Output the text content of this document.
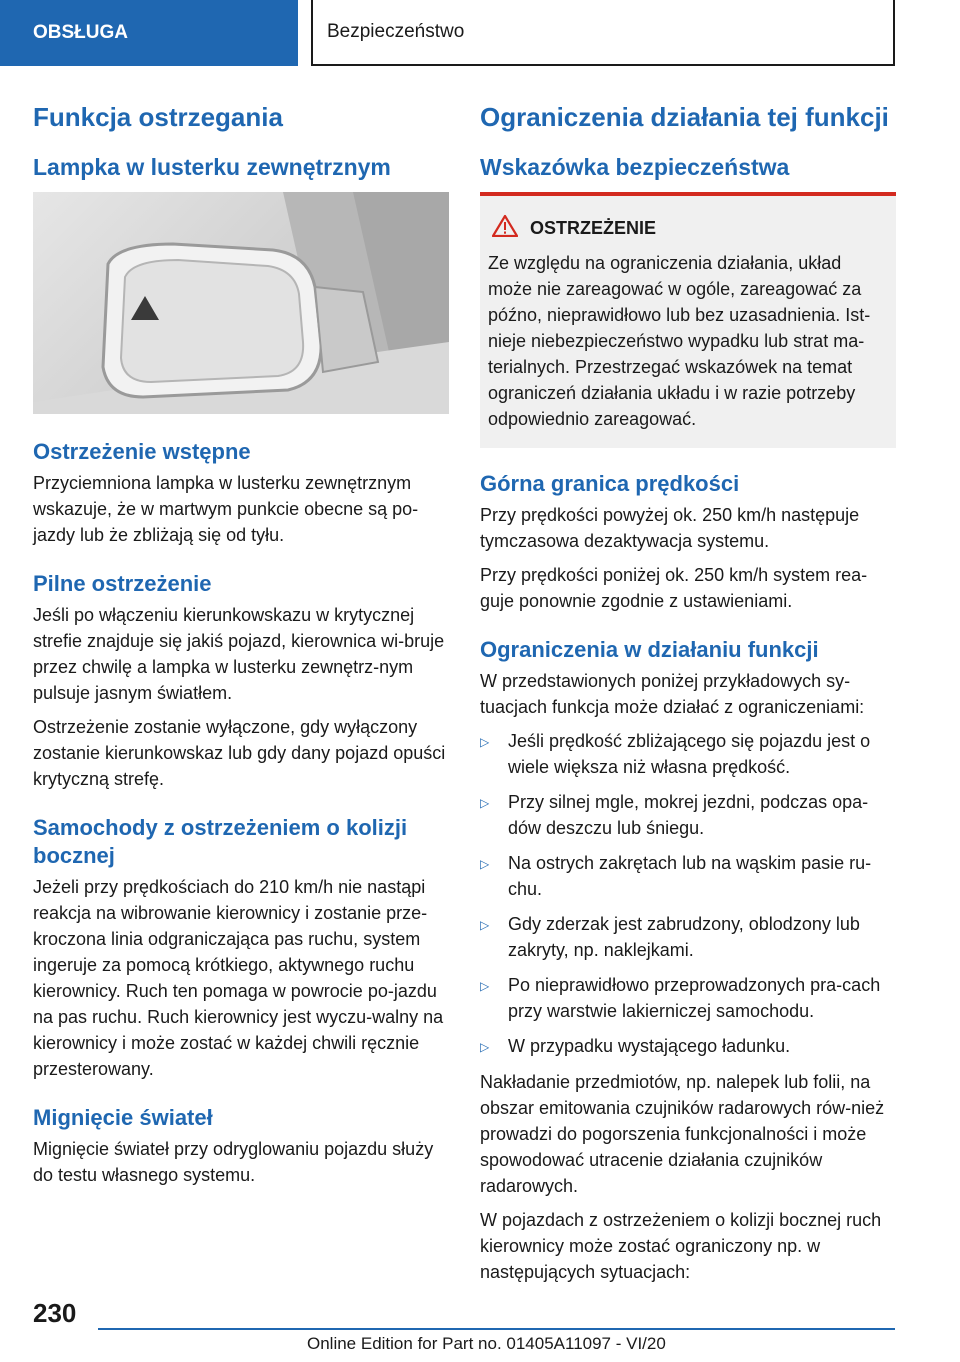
OBSŁUGA	Bezpieczeństwo
Funkcja ostrzegania
Lampka w lusterku zewnętrznym
Ostrzeżenie wstępne

Przyciemniona lampka w lusterku zewnętrznym wskazuje, że w martwym punkcie obecne są po-jazdy lub że zbliżają się od tyłu.

Pilne ostrzeżenie

Jeśli po włączeniu kierunkowskazu w krytycznej strefie znajduje się jakiś pojazd, kierownica wi-bruje przez chwilę a lampka w lusterku zewnętrz-nym pulsuje jasnym światłem.

Ostrzeżenie zostanie wyłączone, gdy wyłączony zostanie kierunkowskaz lub gdy dany pojazd opuści krytyczną strefę.

Samochody z ostrzeżeniem o kolizji bocznej

Jeżeli przy prędkościach do 210 km/h nie nastąpi reakcja na wibrowanie kierownicy i zostanie prze-kroczona linia odgraniczająca pas ruchu, system ingeruje za pomocą krótkiego, aktywnego ruchu kierownicy. Ruch ten pomaga w powrocie po-jazdu na pas ruchu. Ruch kierownicy jest wyczu-walny na kierownicy i może zostać w każdej chwili ręcznie przesterowany.

Mignięcie świateł

Mignięcie świateł przy odryglowaniu pojazdu służy do testu własnego systemu.

Ograniczenia działania tej funkcji
Wskazówka bezpieczeństwa
OSTRZEŻENIE

Ze względu na ograniczenia działania, układ może nie zareagować w ogóle, zareagować za późno, nieprawidłowo lub bez uzasadnienia. Ist-nieje niebezpieczeństwo wypadku lub strat ma-terialnych. Przestrzegać wskazówek na temat ograniczeń działania układu i w razie potrzeby odpowiednio zareagować.

Górna granica prędkości

Przy prędkości powyżej ok. 250 km/h następuje tymczasowa dezaktywacja systemu.

Przy prędkości poniżej ok. 250 km/h system rea-guje ponownie zgodnie z ustawieniami.

Ograniczenia w działaniu funkcji

W przedstawionych poniżej przykładowych sy-tuacjach funkcja może działać z ograniczeniami:

▷	Jeśli prędkość zbliżającego się pojazdu jest o wiele większa niż własna prędkość.
▷	Przy silnej mgle, mokrej jezdni, podczas opa-dów deszczu lub śniegu.
▷	Na ostrych zakrętach lub na wąskim pasie ru-chu.
▷	Gdy zderzak jest zabrudzony, oblodzony lub zakryty, np. naklejkami.
▷	Po nieprawidłowo przeprowadzonych pra-cach przy warstwie lakierniczej samochodu.
▷	W przypadku wystającego ładunku.

Nakładanie przedmiotów, np. nalepek lub folii, na obszar emitowania czujników radarowych rów-nież prowadzi do pogorszenia funkcjonalności i może spowodować utracenie działania czujników radarowych.

W pojazdach z ostrzeżeniem o kolizji bocznej ruch kierownicy może zostać ograniczony np. w następujących sytuacjach:

230
Online Edition for Part no. 01405A11097 - VI/20
